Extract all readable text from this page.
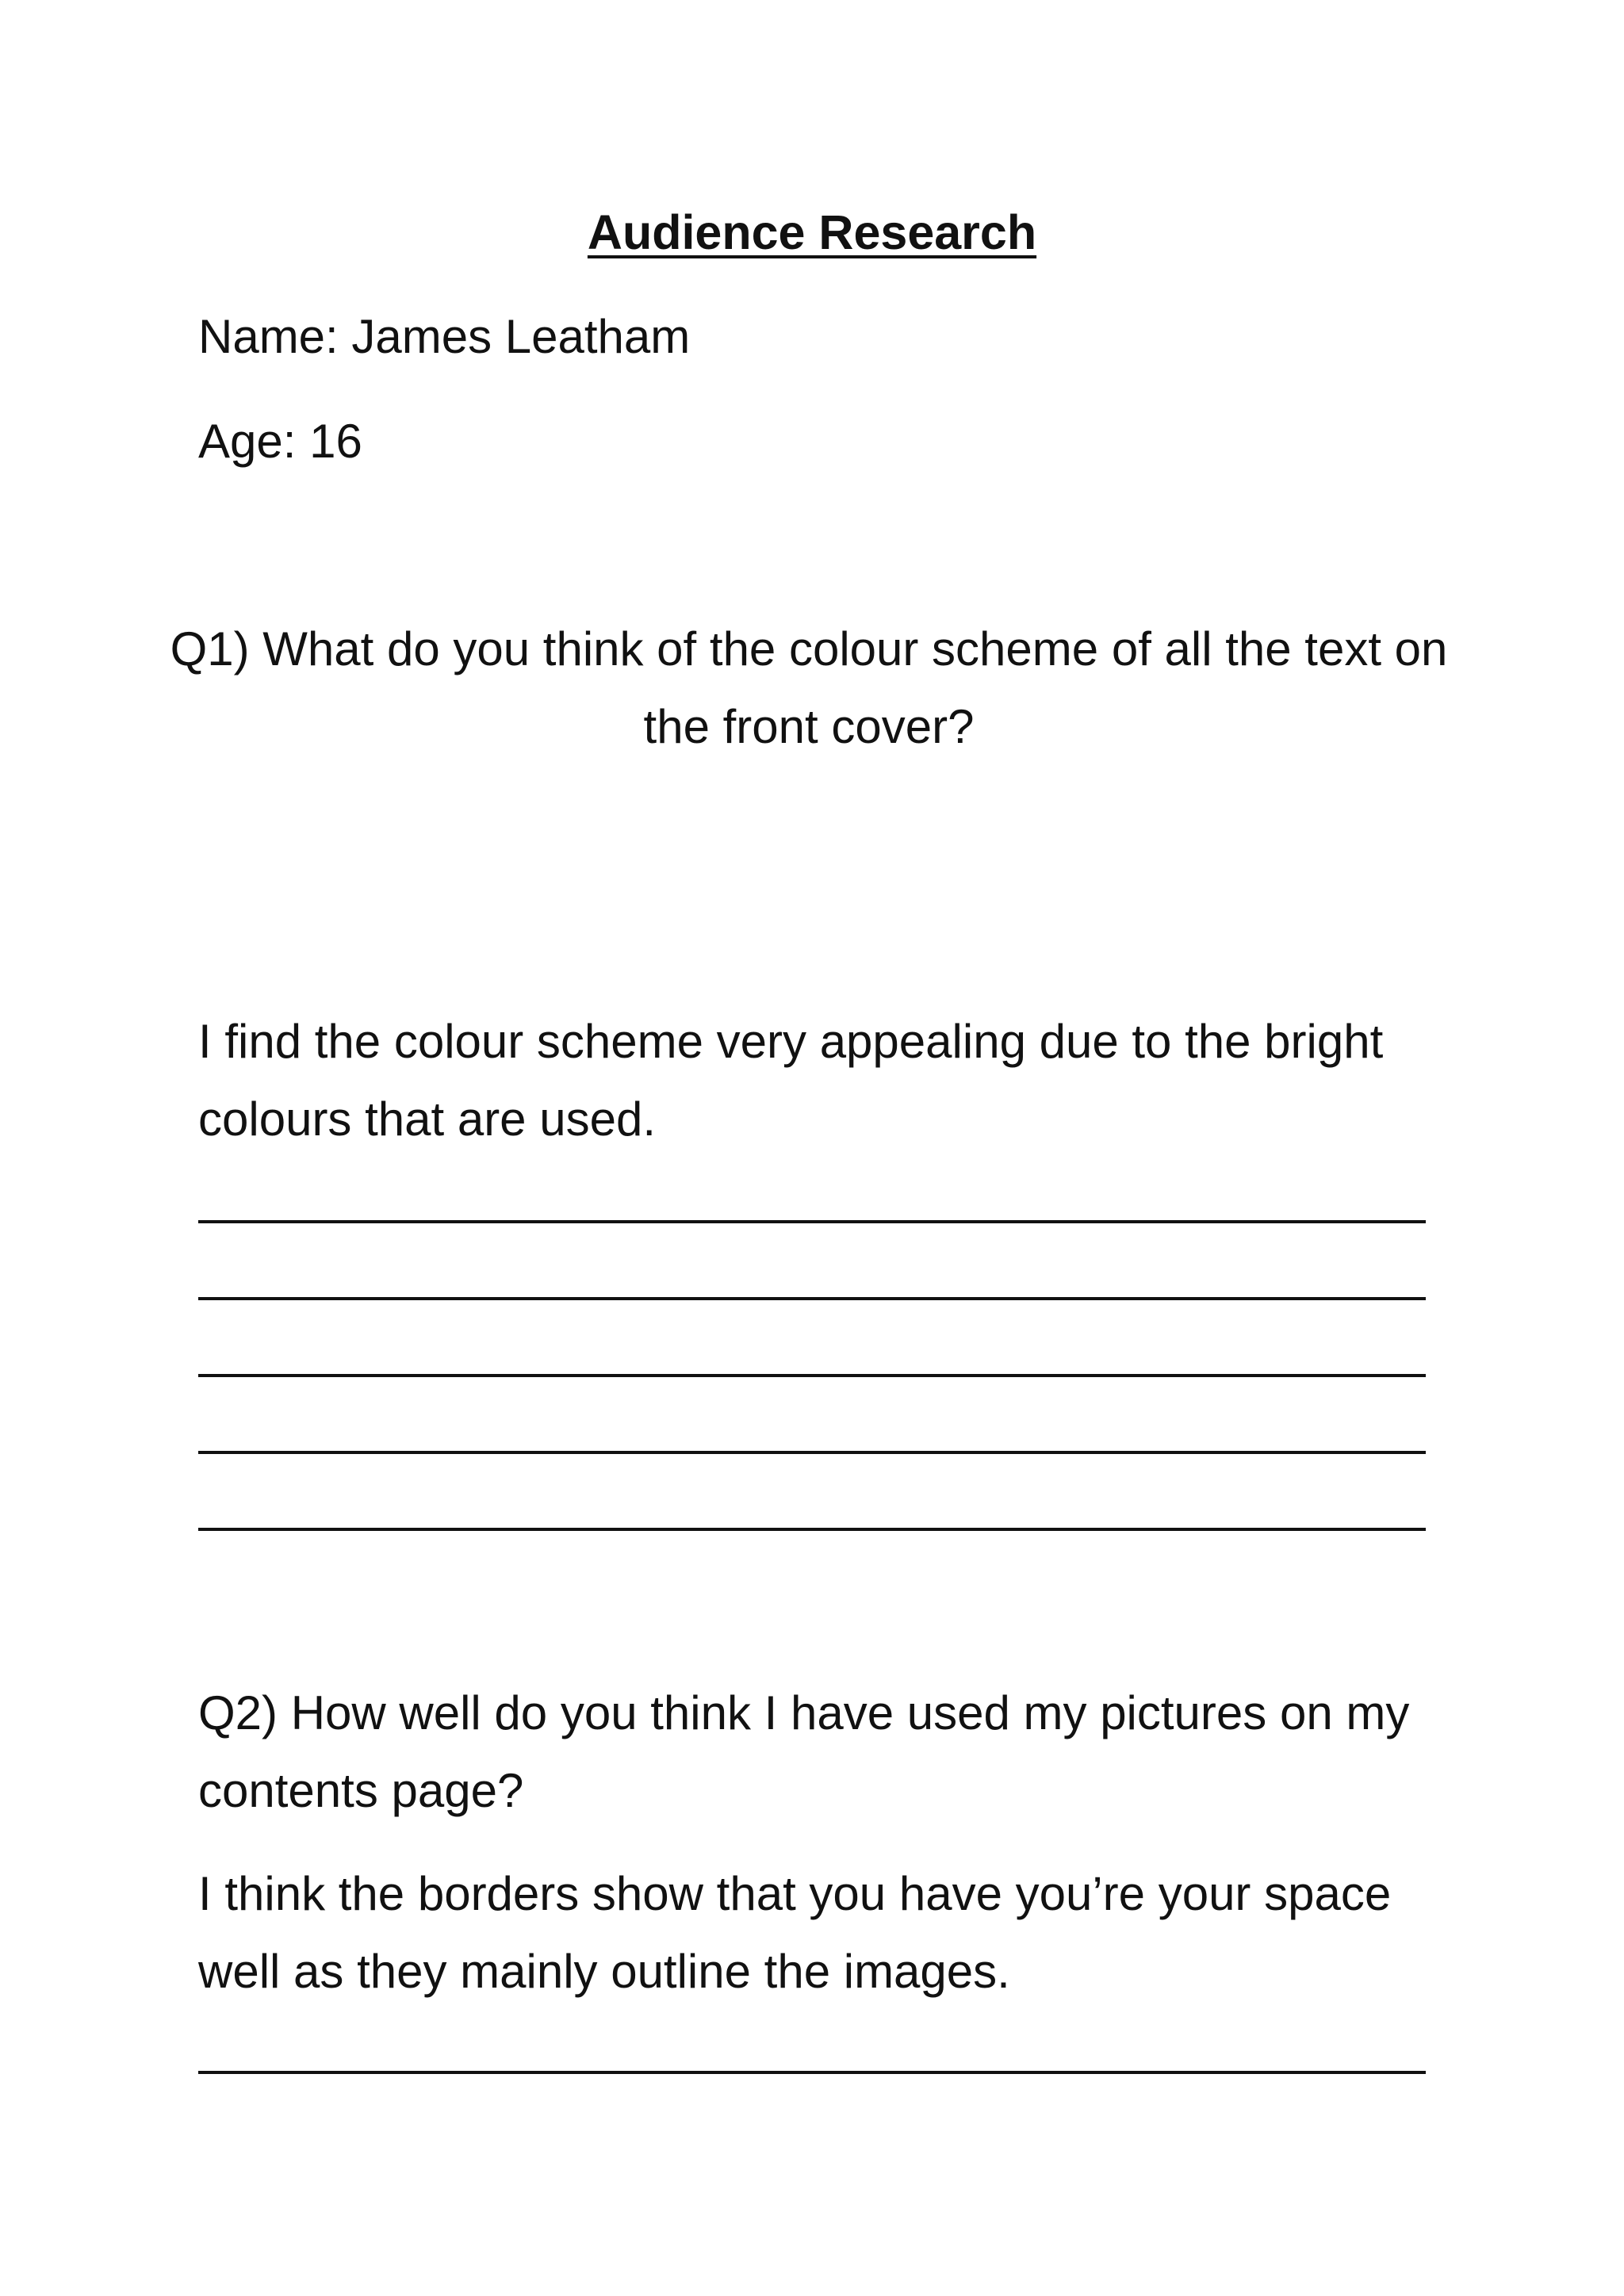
Audience Research

Name: James Leatham

Age: 16

Q1) What do you think of the colour scheme of all the text on the front cover?

I find the colour scheme very appealing due to the bright colours that are used.

Q2) How well do you think I have used my pictures on my contents page?

I think the borders show that you have you’re your space well as they mainly outline the images.
